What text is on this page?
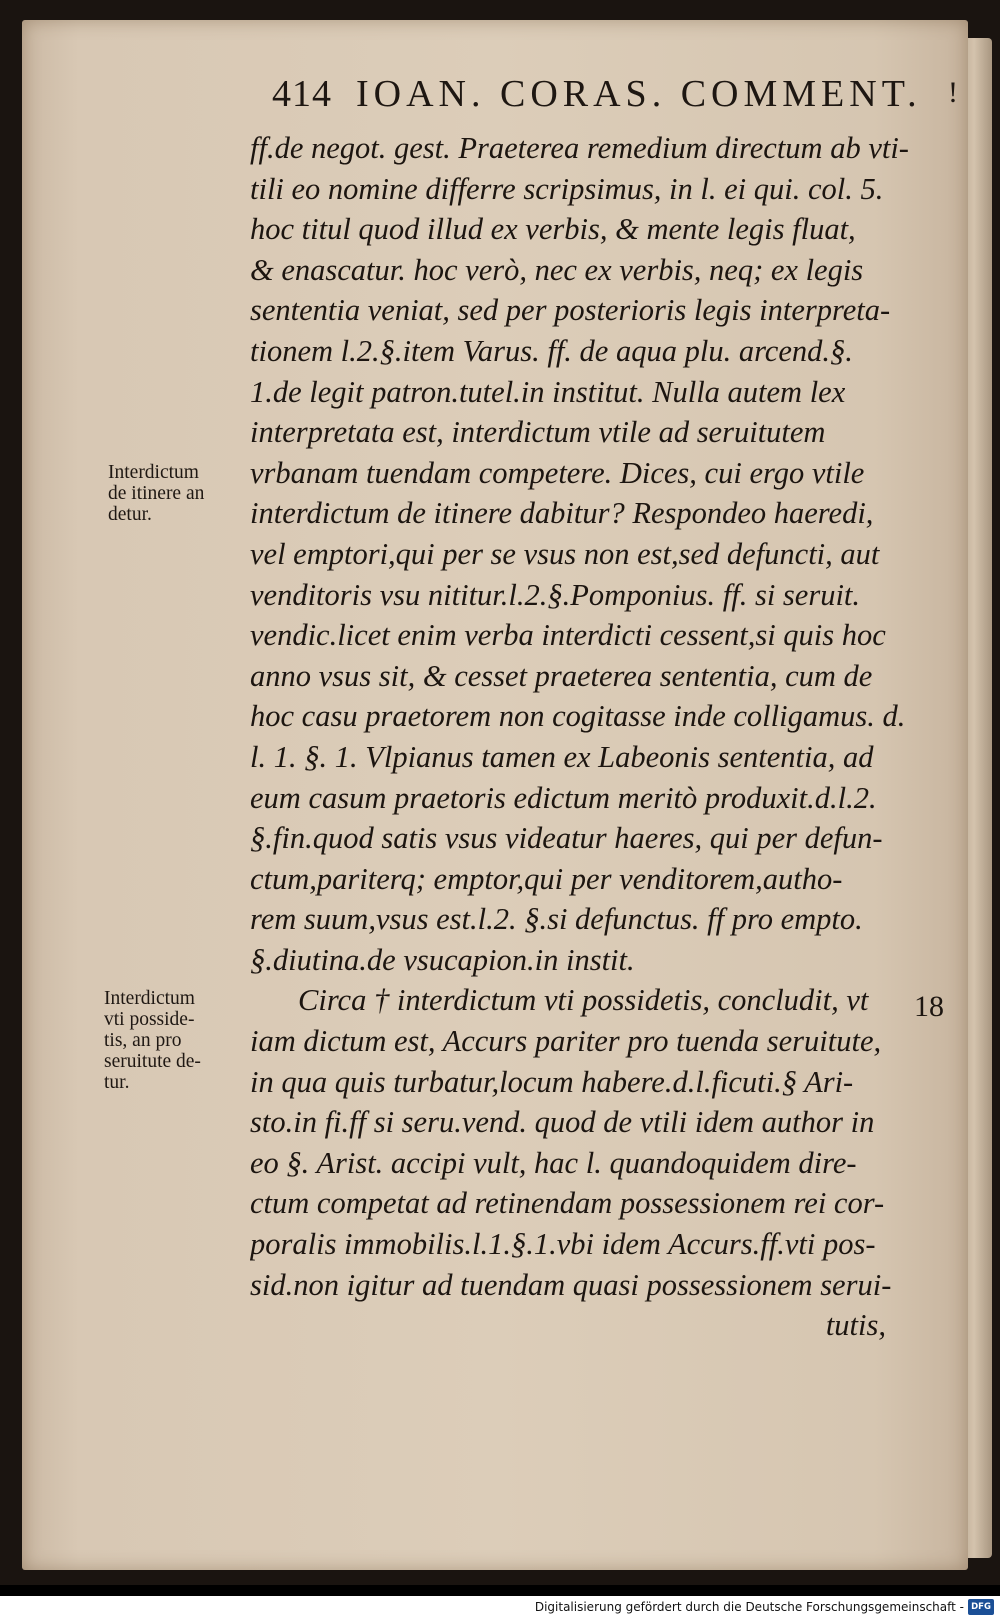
414 IOAN. CORAS. COMMENT. !
ff.de negot. gest. Praeterea remedium directum ab vti-
tili eo nomine differre scripsimus, in l. ei qui. col. 5.
hoc titul quod illud ex verbis, & mente legis fluat,
& enascatur. hoc verò, nec ex verbis, neq; ex legis
sententia veniat, sed per posterioris legis interpreta-
tionem l.2.§.item Varus. ff. de aqua plu. arcend.§.
1.de legit patron.tutel.in institut. Nulla autem lex
interpretata est, interdictum vtile ad seruitutem
vrbanam tuendam competere. Dices, cui ergo vtile
interdictum de itinere dabitur? Respondeo haeredi,
vel emptori,qui per se vsus non est,sed defuncti, aut
venditoris vsu nititur.l.2.§.Pomponius. ff. si seruit.
vendic.licet enim verba interdicti cessent,si quis hoc
anno vsus sit, & cesset praeterea sententia, cum de
hoc casu praetorem non cogitasse inde colligamus. d.
l. 1. §. 1. Vlpianus tamen ex Labeonis sententia, ad
eum casum praetoris edictum meritò produxit.d.l.2.
§.fin.quod satis vsus videatur haeres, qui per defun-
ctum,pariterq; emptor,qui per venditorem,autho-
rem suum,vsus est.l.2. §.si defunctus. ff pro empto.
§.diutina.de vsucapion.in instit.
Circa † interdictum vti possidetis, concludit, vt
iam dictum est, Accurs pariter pro tuenda seruitute,
in qua quis turbatur,locum habere.d.l.ficuti.§ Ari-
sto.in fi.ff si seru.vend. quod de vtili idem author in
eo §. Arist. accipi vult, hac l. quandoquidem dire-
ctum competat ad retinendam possessionem rei cor-
poralis immobilis.l.1.§.1.vbi idem Accurs.ff.vti pos-
sid.non igitur ad tuendam quasi possessionem serui-
tutis,
18
Interdictum
de itinere an
detur.
Interdictum
vti posside-
tis, an pro
seruitute de-
tur.
Digitalisierung gefördert durch die Deutsche Forschungsgemeinschaft - DFG
